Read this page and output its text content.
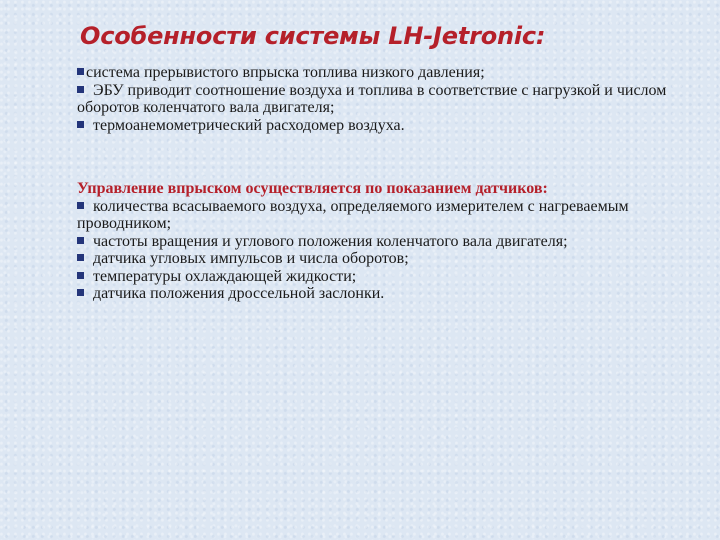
Особенности системы LH-Jetronic:

система прерывистого впрыска топлива низкого давления;

ЭБУ приводит соотношение воздуха и топлива в соответствие с нагрузкой и числом оборотов коленчатого вала двигателя;

термоанемометрический расходомер воздуха.

Управление впрыском осуществляется по показанием датчиков:

количества всасываемого воздуха, определяемого измерителем с нагреваемым проводником;

частоты вращения и углового положения коленчатого вала двигателя;

датчика угловых импульсов и числа оборотов;

температуры охлаждающей жидкости;

датчика положения дроссельной заслонки.
